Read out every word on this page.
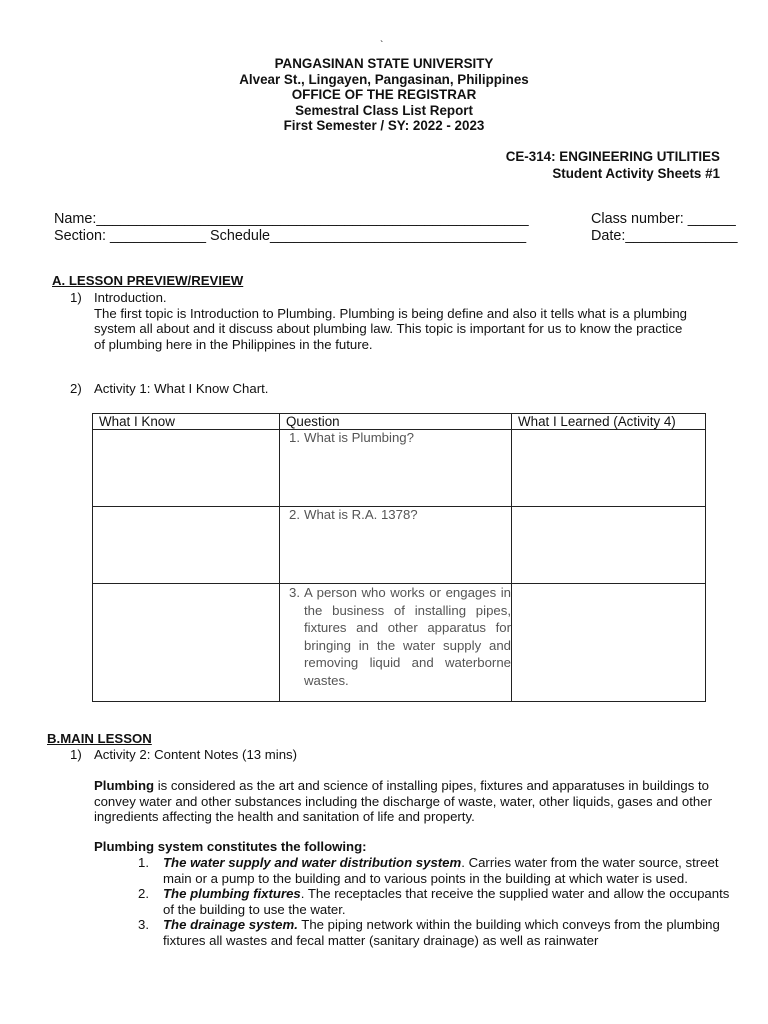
`
PANGASINAN STATE UNIVERSITY
Alvear St., Lingayen, Pangasinan, Philippines
OFFICE OF THE REGISTRAR
Semestral Class List Report
First Semester / SY: 2022 - 2023
CE-314: ENGINEERING UTILITIES
Student Activity Sheets #1
Name:______________________________________________________	Class number: ______
Section: ____________ Schedule________________________________	Date:______________
A. LESSON PREVIEW/REVIEW
1) Introduction.
The first topic is Introduction to Plumbing. Plumbing is being define and also it tells what is a plumbing
system all about and it discuss about plumbing law. This topic is important for us to know the practice
of plumbing here in the Philippines in the future.
2) Activity 1: What I Know Chart.
What I Know	Question	What I Learned (Activity 4)

	1. What is Plumbing?	

	2. What is R.A. 1378?	

	3. A person who works or engages in the business of installing pipes, fixtures and other apparatus for bringing in the water supply and removing liquid and waterborne wastes.	

B.MAIN LESSON
1) Activity 2: Content Notes (13 mins)
Plumbing is considered as the art and science of installing pipes, fixtures and apparatuses in buildings to convey water and other substances including the discharge of waste, water, other liquids, gases and other ingredients affecting the health and sanitation of life and property.
Plumbing system constitutes the following:
1. The water supply and water distribution system. Carries water from the water source, street main or a pump to the building and to various points in the building at which water is used.
2. The plumbing fixtures. The receptacles that receive the supplied water and allow the occupants of the building to use the water.
3. The drainage system. The piping network within the building which conveys from the plumbing fixtures all wastes and fecal matter (sanitary drainage) as well as rainwater
